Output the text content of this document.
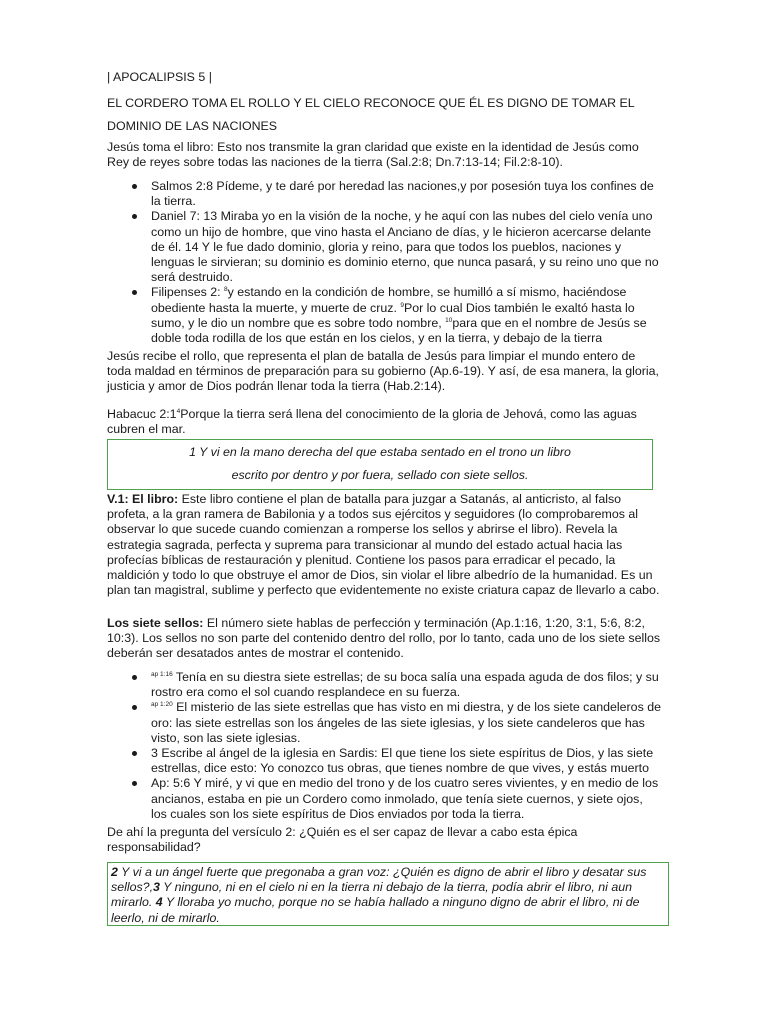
| APOCALIPSIS 5 |

EL CORDERO TOMA EL ROLLO Y EL CIELO RECONOCE QUE ÉL ES DIGNO DE TOMAR EL

DOMINIO DE LAS NACIONES

Jesús toma el libro: Esto nos transmite la gran claridad que existe en la identidad de Jesús como Rey de reyes sobre todas las naciones de la tierra (Sal.2:8; Dn.7:13-14; Fil.2:8-10).

Salmos 2:8 Pídeme, y te daré por heredad las naciones,y por posesión tuya los confines de la tierra.
Daniel 7: 13 Miraba yo en la visión de la noche, y he aquí con las nubes del cielo venía uno como un hijo de hombre, que vino hasta el Anciano de días, y le hicieron acercarse delante de él. 14 Y le fue dado dominio, gloria y reino, para que todos los pueblos, naciones y lenguas le sirvieran; su dominio es dominio eterno, que nunca pasará, y su reino uno que no será destruido.
Filipenses 2: $^8$y estando en la condición de hombre, se humilló a sí mismo, haciéndose obediente hasta la muerte, y muerte de cruz. $^9$Por lo cual Dios también le exaltó hasta lo sumo, y le dio un nombre que es sobre todo nombre, $^{10}$para que en el nombre de Jesús se doble toda rodilla de los que están en los cielos, y en la tierra, y debajo de la tierra

Jesús recibe el rollo, que representa el plan de batalla de Jesús para limpiar el mundo entero de toda maldad en términos de preparación para su gobierno (Ap.6-19). Y así, de esa manera, la gloria, justicia y amor de Dios podrán llenar toda la tierra (Hab.2:14).

Habacuc $2:1^4Porque$ la tierra será llena del conocimiento de la gloria de Jehová, como las aguas cubren el mar.

1 Y vi en la mano derecha del que estaba sentado en el trono un libro
escrito por dentro y por fuera, sellado con siete sellos.

V.1: El libro: Este libro contiene el plan de batalla para juzgar a Satanás, al anticristo, al falso profeta, a la gran ramera de Babilonia y a todos sus ejércitos y seguidores (lo comprobaremos al observar lo que sucede cuando comienzan a romperse los sellos y abrirse el libro). Revela la estrategia sagrada, perfecta y suprema para transicionar al mundo del estado actual hacia las profecías bíblicas de restauración y plenitud. Contiene los pasos para erradicar el pecado, la maldición y todo lo que obstruye el amor de Dios, sin violar el libre albedrío de la humanidad. Es un plan tan magistral, sublime y perfecto que evidentemente no existe criatura capaz de llevarlo a cabo.

Los siete sellos: El número siete hablas de perfección y terminación (Ap.1:16, 1:20, 3:1, 5:6, 8:2, 10:3). Los sellos no son parte del contenido dentro del rollo, por lo tanto, cada uno de los siete sellos deberán ser desatados antes de mostrar el contenido.

$^{ap 1:16}$ Tenía en su diestra siete estrellas; de su boca salía una espada aguda de dos filos; y su rostro era como el sol cuando resplandece en su fuerza.
$^{ap 1:20}$ El misterio de las siete estrellas que has visto en mi diestra, y de los siete candeleros de oro: las siete estrellas son los ángeles de las siete iglesias, y los siete candeleros que has visto, son las siete iglesias.
3 Escribe al ángel de la iglesia en Sardis: El que tiene los siete espíritus de Dios, y las siete estrellas, dice esto: Yo conozco tus obras, que tienes nombre de que vives, y estás muerto
Ap: 5:6 Y miré, y vi que en medio del trono y de los cuatro seres vivientes, y en medio de los ancianos, estaba en pie un Cordero como inmolado, que tenía siete cuernos, y siete ojos, los cuales son los siete espíritus de Dios enviados por toda la tierra.

De ahí la pregunta del versículo 2: ¿Quién es el ser capaz de llevar a cabo esta épica responsabilidad?

2 Y vi a un ángel fuerte que pregonaba a gran voz: ¿Quién es digno de abrir el libro y desatar sus sellos?,3 Y ninguno, ni en el cielo ni en la tierra ni debajo de la tierra, podía abrir el libro, ni aun mirarlo. 4 Y lloraba yo mucho, porque no se había hallado a ninguno digno de abrir el libro, ni de leerlo, ni de mirarlo.
